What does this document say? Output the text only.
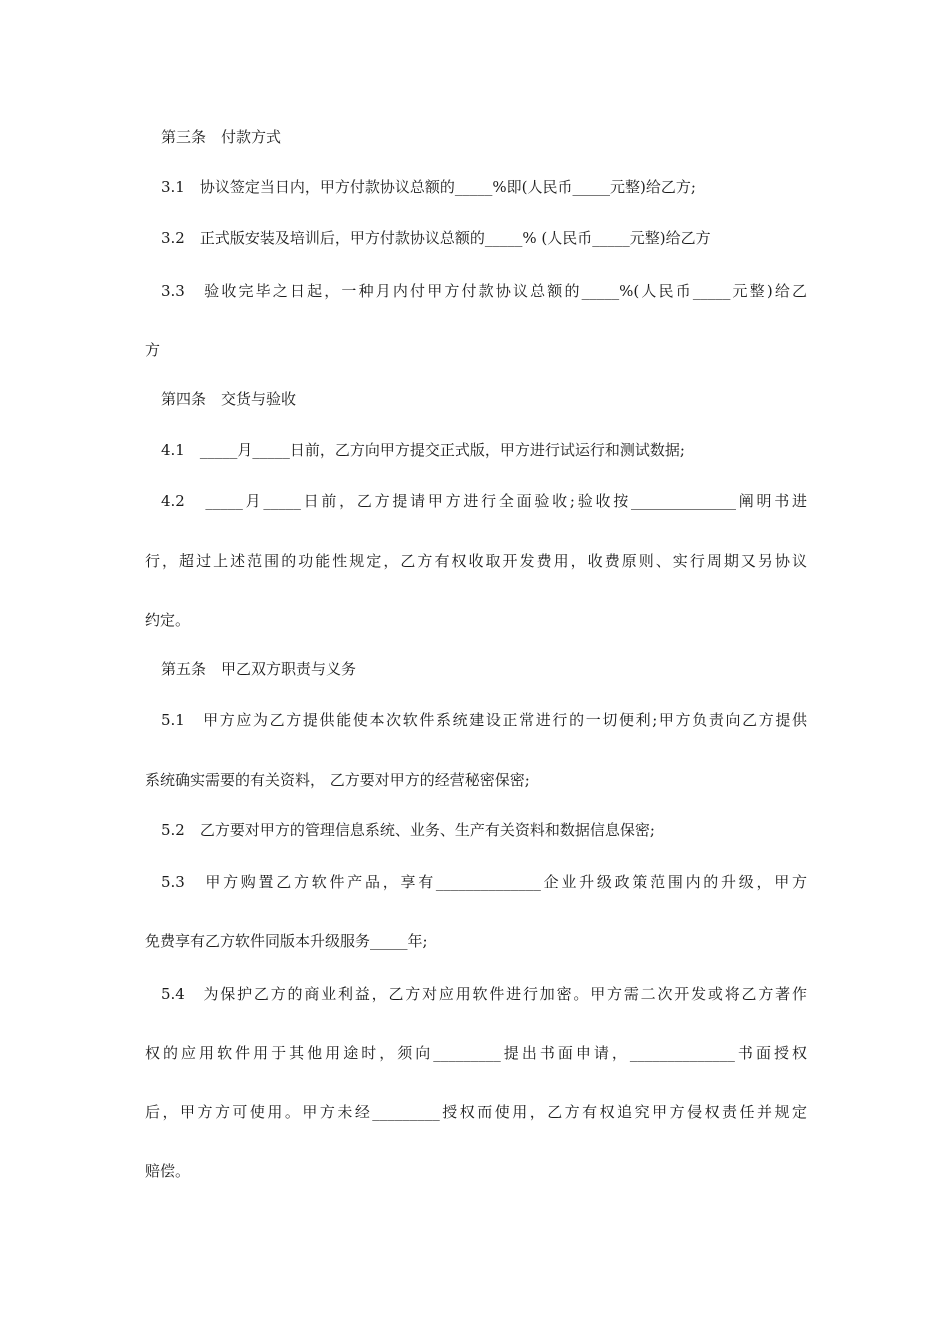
第三条　付款方式
3.1　协议签定当日内，甲方付款协议总额的_____%即(人民币_____元整)给乙方;
3.2　正式版安装及培训后，甲方付款协议总额的_____% (人民币_____元整)给乙方
3.3　验收完毕之日起，一种月内付甲方付款协议总额的_____%(人民币_____元整)给乙
方
第四条　交货与验收
4.1　_____月_____日前，乙方向甲方提交正式版，甲方进行试运行和测试数据;
4.2　_____月_____日前，乙方提请甲方进行全面验收;验收按______________阐明书进
行，超过上述范围的功能性规定，乙方有权收取开发费用，收费原则、实行周期又另协议
约定。
第五条　甲乙双方职责与义务
5.1　甲方应为乙方提供能使本次软件系统建设正常进行的一切便利;甲方负责向乙方提供
系统确实需要的有关资料， 乙方要对甲方的经营秘密保密;
5.2　乙方要对甲方的管理信息系统、业务、生产有关资料和数据信息保密;
5.3　甲方购置乙方软件产品，享有______________企业升级政策范围内的升级，甲方
免费享有乙方软件同版本升级服务_____年;
5.4　为保护乙方的商业利益，乙方对应用软件进行加密。甲方需二次开发或将乙方著作
权的应用软件用于其他用途时，须向_________提出书面申请，______________书面授权
后，甲方方可使用。甲方未经_________授权而使用，乙方有权追究甲方侵权责任并规定
赔偿。
